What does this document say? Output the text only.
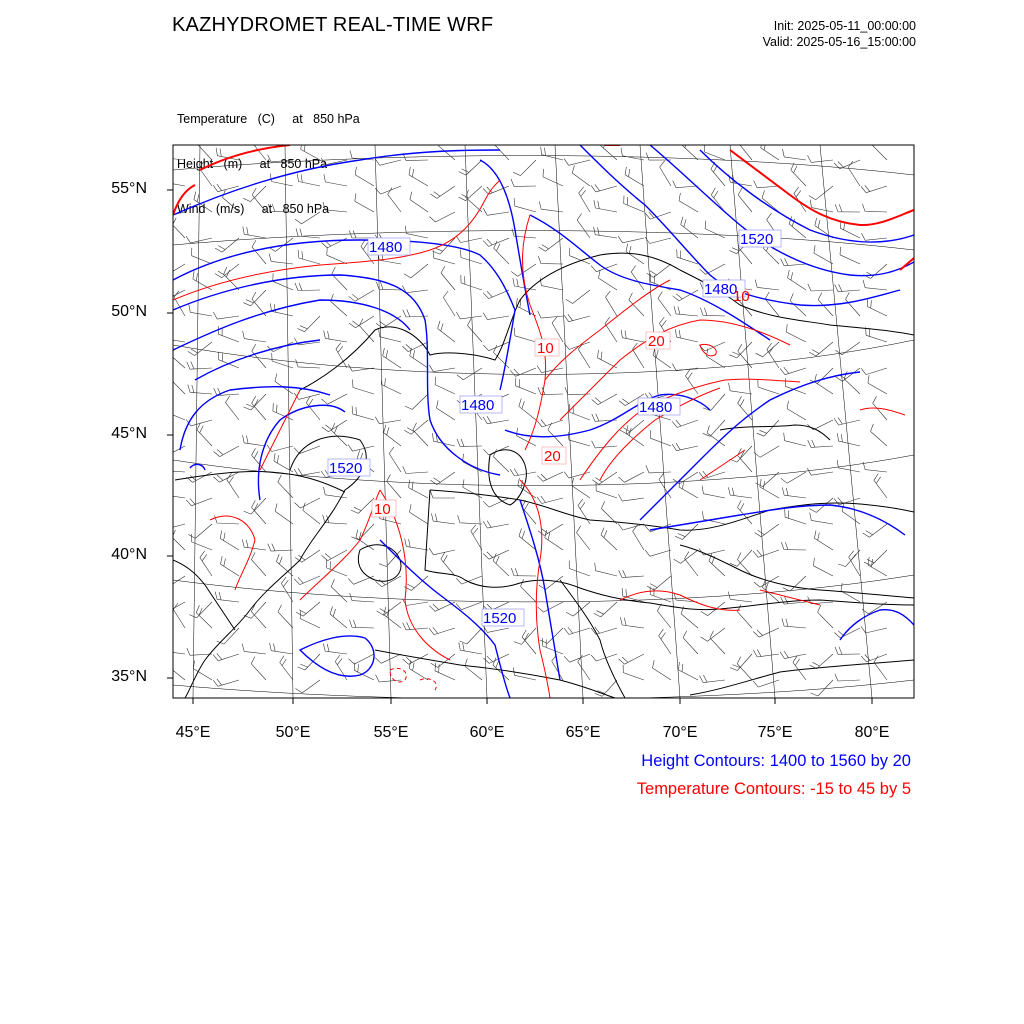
KAZHYDROMET REAL-TIME WRF	Init: 2025-05-11_00:00:00
Valid: 2025-05-16_15:00:00

Temperature   (C)     at   850 hPa

Height   (m)     at   850 hPa

Wind   (m/s)     at   850 hPa

1480	1520
1480
1480
1520
1480
1520
10	20
10
20
10
55°N
50°N
45°N
40°N
35°N
45°E	50°E	55°E	60°E	65°E	70°E	75°E	80°E
Height Contours: 1400 to 1560 by 20
Temperature Contours: -15 to 45 by 5
